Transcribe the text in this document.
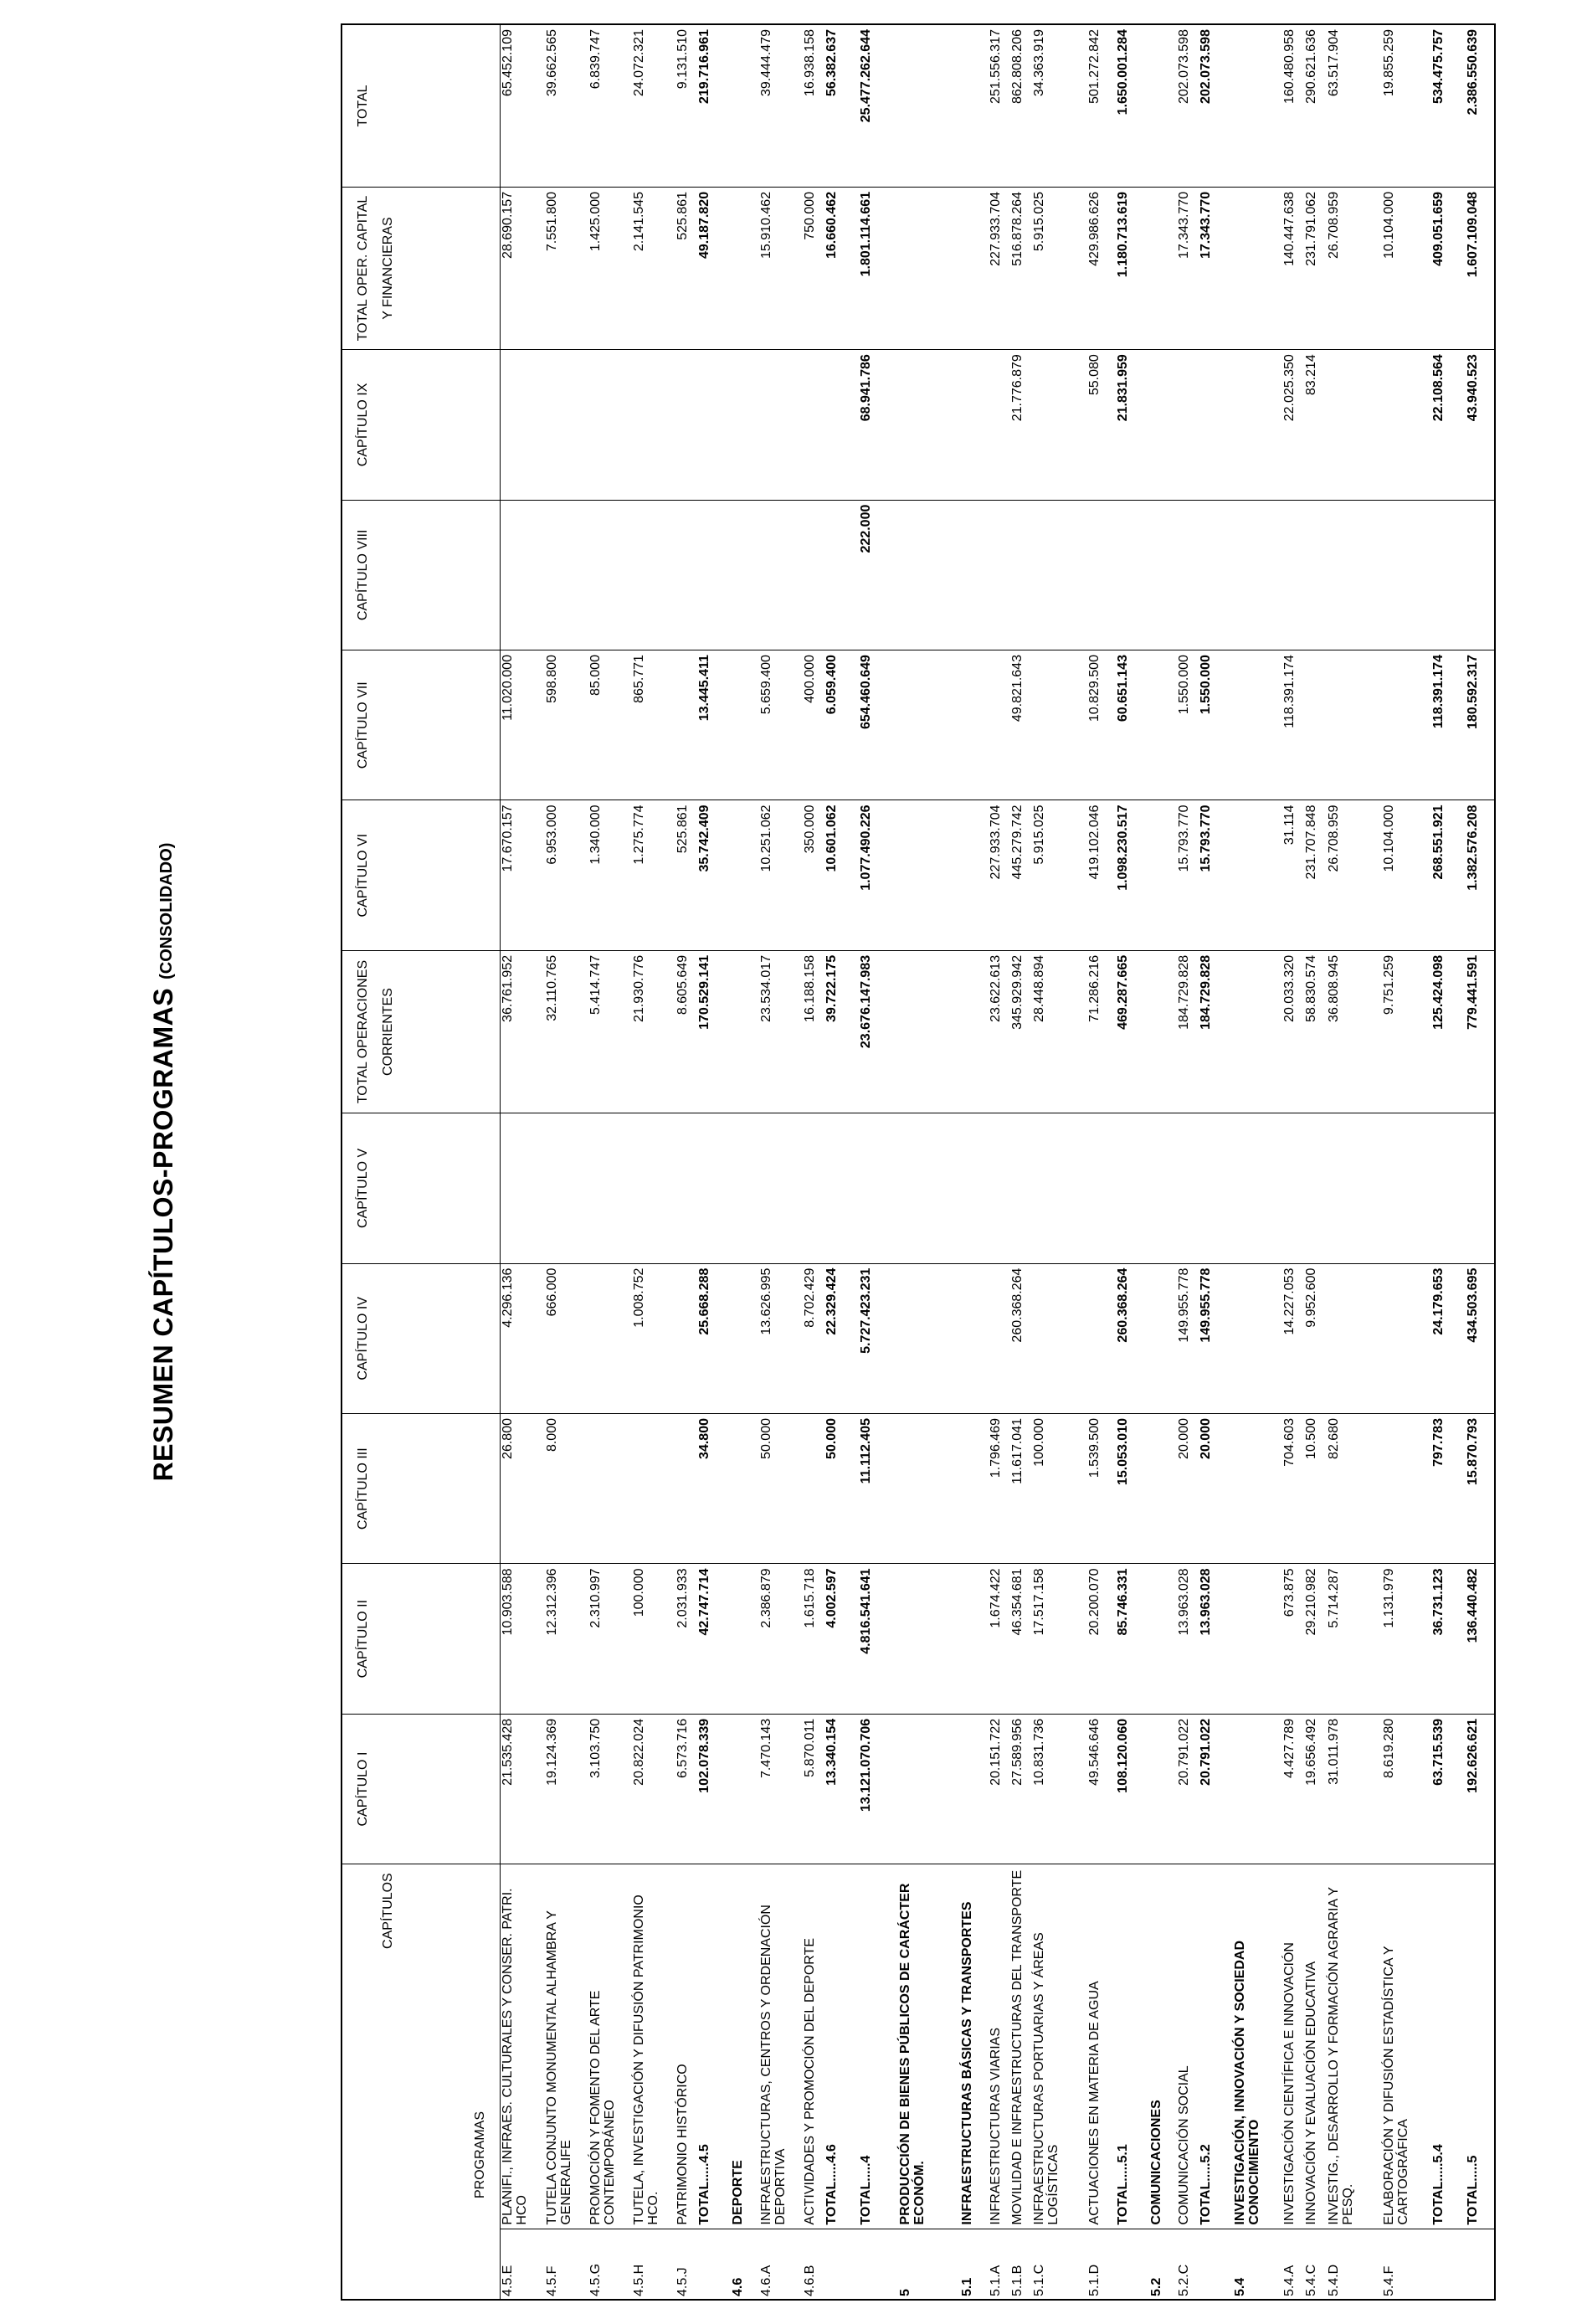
RESUMEN CAPÍTULOS-PROGRAMAS
(CONSOLIDADO)
CAPÍTULOS
PROGRAMAS		CAPÍTULO I	CAPÍTULO II	CAPÍTULO III	CAPÍTULO IV	CAPÍTULO V	TOTAL OPERACIONES CORRIENTES	CAPÍTULO VI	CAPÍTULO VII	CAPÍTULO VIII	CAPÍTULO IX	TOTAL OPER. CAPITAL Y FINANCIERAS	TOTAL
4.5.E	PLANIFI., INFRAES. CULTURALES Y CONSER. PATRI. HCO	21.535.428	10.903.588	26.800	4.296.136		36.761.952	17.670.157	11.020.000			28.690.157	65.452.109
4.5.F	TUTELA CONJUNTO MONUMENTAL ALHAMBRA Y GENERALIFE	19.124.369	12.312.396	8.000	666.000		32.110.765	6.953.000	598.800			7.551.800	39.662.565
4.5.G	PROMOCIÓN Y FOMENTO DEL ARTE CONTEMPORÁNEO	3.103.750	2.310.997				5.414.747	1.340.000	85.000			1.425.000	6.839.747
4.5.H	TUTELA, INVESTIGACIÓN Y DIFUSIÓN PATRIMONIO HCO.	20.822.024	100.000		1.008.752		21.930.776	1.275.774	865.771			2.141.545	24.072.321
4.5.J	PATRIMONIO HISTÓRICO	6.573.716	2.031.933				8.605.649	525.861				525.861	9.131.510
	TOTAL.....4.5	102.078.339	42.747.714	34.800	25.668.288		170.529.141	35.742.409	13.445.411			49.187.820	219.716.961
4.6	DEPORTE												
4.6.A	INFRAESTRUCTURAS, CENTROS Y ORDENACIÓN DEPORTIVA	7.470.143	2.386.879	50.000	13.626.995		23.534.017	10.251.062	5.659.400			15.910.462	39.444.479
4.6.B	ACTIVIDADES Y PROMOCIÓN DEL DEPORTE	5.870.011	1.615.718		8.702.429		16.188.158	350.000	400.000			750.000	16.938.158
	TOTAL.....4.6	13.340.154	4.002.597	50.000	22.329.424		39.722.175	10.601.062	6.059.400			16.660.462	56.382.637
	TOTAL.....4	13.121.070.706	4.816.541.641	11.112.405	5.727.423.231		23.676.147.983	1.077.490.226	654.460.649	222.000	68.941.786	1.801.114.661	25.477.262.644
5	PRODUCCIÓN DE BIENES PÚBLICOS DE CARÁCTER ECONÓM.												
5.1	INFRAESTRUCTURAS BÁSICAS Y TRANSPORTES												
5.1.A	INFRAESTRUCTURAS VIARIAS	20.151.722	1.674.422	1.796.469			23.622.613	227.933.704				227.933.704	251.556.317
5.1.B	MOVILIDAD E INFRAESTRUCTURAS DEL TRANSPORTE	27.589.956	46.354.681	11.617.041	260.368.264		345.929.942	445.279.742	49.821.643		21.776.879	516.878.264	862.808.206
5.1.C	INFRAESTRUCTURAS PORTUARIAS Y ÁREAS LOGÍSTICAS	10.831.736	17.517.158	100.000			28.448.894	5.915.025				5.915.025	34.363.919
5.1.D	ACTUACIONES EN MATERIA DE AGUA	49.546.646	20.200.070	1.539.500			71.286.216	419.102.046	10.829.500		55.080	429.986.626	501.272.842
	TOTAL.....5.1	108.120.060	85.746.331	15.053.010	260.368.264		469.287.665	1.098.230.517	60.651.143		21.831.959	1.180.713.619	1.650.001.284
5.2	COMUNICACIONES												
5.2.C	COMUNICACIÓN SOCIAL	20.791.022	13.963.028	20.000	149.955.778		184.729.828	15.793.770	1.550.000			17.343.770	202.073.598
	TOTAL.....5.2	20.791.022	13.963.028	20.000	149.955.778		184.729.828	15.793.770	1.550.000			17.343.770	202.073.598
5.4	INVESTIGACIÓN, INNOVACIÓN Y SOCIEDAD CONOCIMIENTO												
5.4.A	INVESTIGACIÓN CIENTÍFICA E INNOVACIÓN	4.427.789	673.875	704.603	14.227.053		20.033.320	31.114	118.391.174		22.025.350	140.447.638	160.480.958
5.4.C	INNOVACIÓN Y EVALUACIÓN EDUCATIVA	19.656.492	29.210.982	10.500	9.952.600		58.830.574	231.707.848			83.214	231.791.062	290.621.636
5.4.D	INVESTIG., DESARROLLO Y FORMACIÓN AGRARIA Y PESQ.	31.011.978	5.714.287	82.680			36.808.945	26.708.959				26.708.959	63.517.904
5.4.F	ELABORACIÓN Y DIFUSIÓN ESTADÍSTICA Y CARTOGRÁFICA	8.619.280	1.131.979				9.751.259	10.104.000				10.104.000	19.855.259
	TOTAL.....5.4	63.715.539	36.731.123	797.783	24.179.653		125.424.098	268.551.921	118.391.174		22.108.564	409.051.659	534.475.757
	TOTAL.....5	192.626.621	136.440.482	15.870.793	434.503.695		779.441.591	1.382.576.208	180.592.317		43.940.523	1.607.109.048	2.386.550.639
